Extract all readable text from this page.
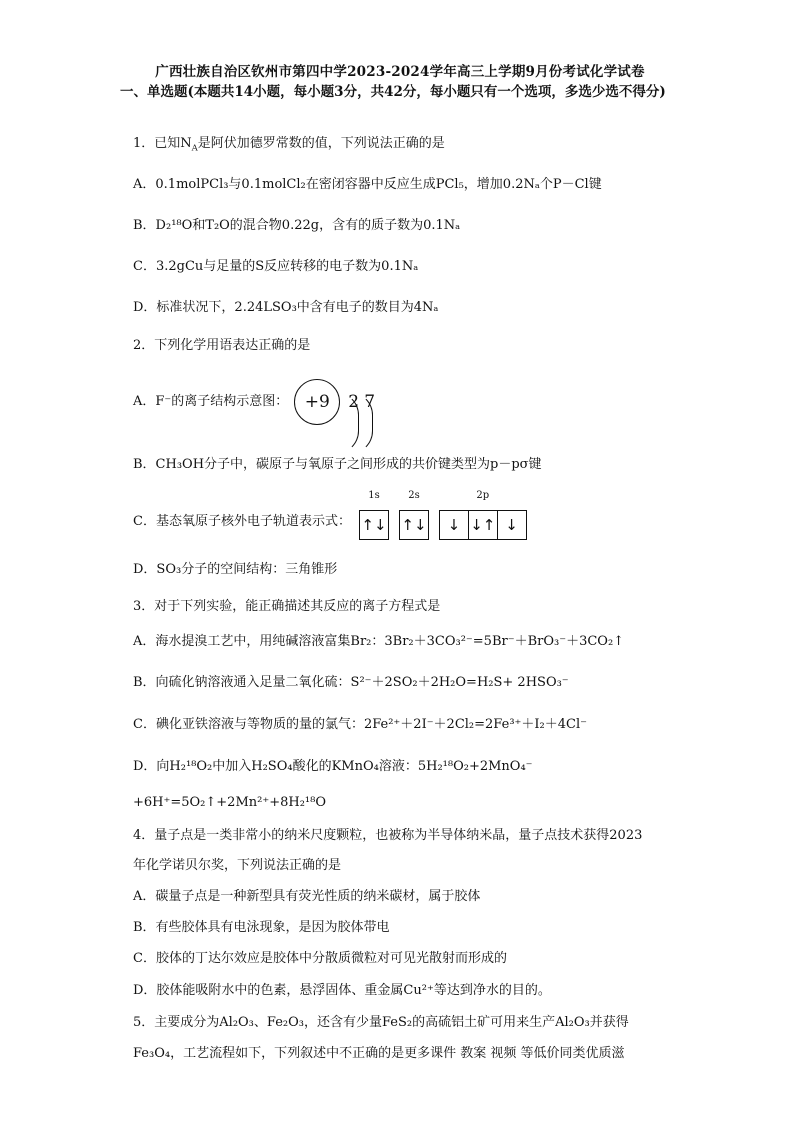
广西壮族自治区钦州市第四中学2023-2024学年高三上学期9月份考试化学试卷
一、单选题(本题共14小题，每小题3分，共42分，每小题只有一个选项，多选少选不得分)
1．已知$N_A$是阿伏加德罗常数的值，下列说法正确的是
A．0.1molPCl₃与0.1molCl₂在密闭容器中反应生成PCl₅，增加0.2Nₐ个P－Cl键
B．D₂¹⁸O和T₂O的混合物0.22g，含有的质子数为0.1Nₐ
C．3.2gCu与足量的S反应转移的电子数为0.1Nₐ
D．标准状况下，2.24LSO₃中含有电子的数目为4Nₐ
2．下列化学用语表达正确的是
A．F⁻的离子结构示意图： +9	2 7
B．CH₃OH分子中，碳原子与氧原子之间形成的共价键类型为p－pσ键
C．基态氧原子核外电子轨道表示式：
1s
↑↓
2s
↑↓
2p
↓ ↓↑ ↓
D．SO₃分子的空间结构：三角锥形
3．对于下列实验，能正确描述其反应的离子方程式是
A．海水提溴工艺中，用纯碱溶液富集Br₂：3Br₂＋3CO₃²⁻=5Br⁻＋BrO₃⁻＋3CO₂↑
B．向硫化钠溶液通入足量二氧化硫：S²⁻＋2SO₂＋2H₂O=H₂S+ 2HSO₃⁻
C．碘化亚铁溶液与等物质的量的氯气：2Fe²⁺＋2I⁻＋2Cl₂=2Fe³⁺＋I₂＋4Cl⁻
D．向H₂¹⁸O₂中加入H₂SO₄酸化的KMnO₄溶液：5H₂¹⁸O₂+2MnO₄⁻
+6H⁺=5O₂↑+2Mn²⁺+8H₂¹⁸O
4．量子点是一类非常小的纳米尺度颗粒，也被称为半导体纳米晶，量子点技术获得2023
年化学诺贝尔奖，下列说法正确的是
A．碳量子点是一种新型具有荧光性质的纳米碳材，属于胶体
B．有些胶体具有电泳现象，是因为胶体带电
C．胶体的丁达尔效应是胶体中分散质微粒对可见光散射而形成的
D．胶体能吸附水中的色素，悬浮固体、重金属Cu²⁺等达到净水的目的。
5．主要成分为Al₂O₃、Fe₂O₃，还含有少量FeS₂的高硫铝土矿可用来生产Al₂O₃并获得
Fe₃O₄，工艺流程如下，下列叙述中不正确的是更多课件 教案 视频 等低价同类优质滋
